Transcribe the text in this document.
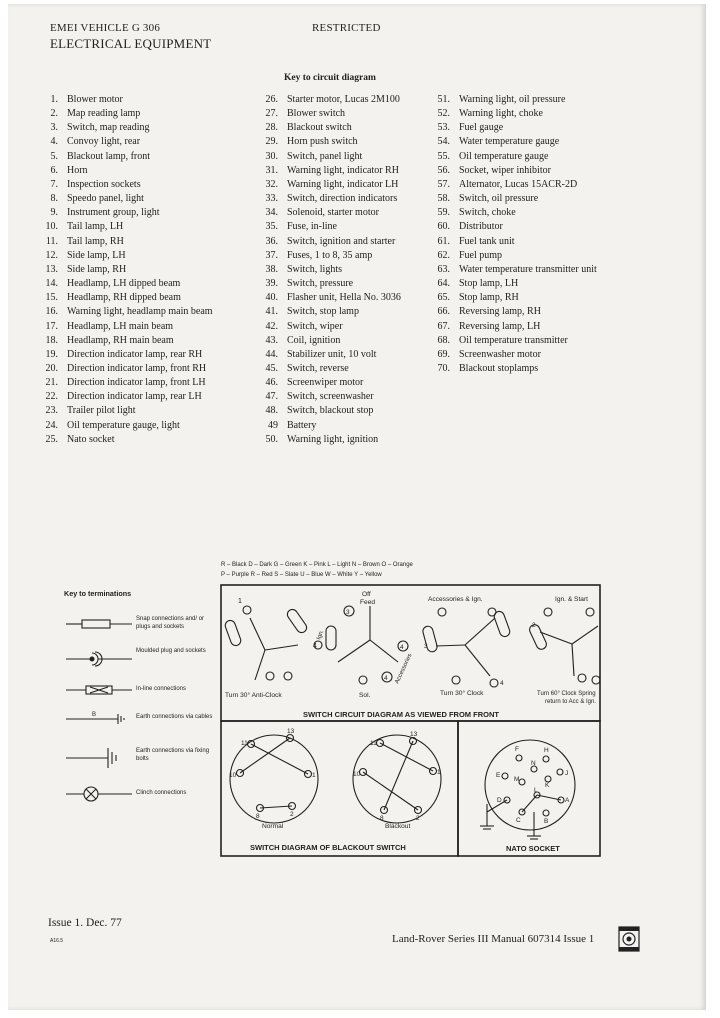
EMEI VEHICLE G 306	RESTRICTED
ELECTRICAL EQUIPMENT
Key to circuit diagram
1. Blower motor
2. Map reading lamp
3. Switch, map reading
4. Convoy light, rear
5. Blackout lamp, front
6. Horn
7. Inspection sockets
8. Speedo panel, light
9. Instrument group, light
10. Tail lamp, LH
11. Tail lamp, RH
12. Side lamp, LH
13. Side lamp, RH
14. Headlamp, LH dipped beam
15. Headlamp, RH dipped beam
16. Warning light, headlamp main beam
17. Headlamp, LH main beam
18. Headlamp, RH main beam
19. Direction indicator lamp, rear RH
20. Direction indicator lamp, front RH
21. Direction indicator lamp, front LH
22. Direction indicator lamp, rear LH
23. Trailer pilot light
24. Oil temperature gauge, light
25. Nato socket
26. Starter motor, Lucas 2M100
27. Blower switch
28. Blackout switch
29. Horn push switch
30. Switch, panel light
31. Warning light, indicator RH
32. Warning light, indicator LH
33. Switch, direction indicators
34. Solenoid, starter motor
35. Fuse, in-line
36. Switch, ignition and starter
37. Fuses, 1 to 8, 35 amp
38. Switch, lights
39. Switch, pressure
40. Flasher unit, Hella No. 3036
41. Switch, stop lamp
42. Switch, wiper
43. Coil, ignition
44. Stabilizer unit, 10 volt
45. Switch, reverse
46. Screenwiper motor
47. Switch, screenwasher
48. Switch, blackout stop
49 Battery
50. Warning light, ignition
51. Warning light, oil pressure
52. Warning light, choke
53. Fuel gauge
54. Water temperature gauge
55. Oil temperature gauge
56. Socket, wiper inhibitor
57. Alternator, Lucas 15ACR-2D
58. Switch, oil pressure
59. Switch, choke
60. Distributor
61. Fuel tank unit
62. Fuel pump
63. Water temperature transmitter unit
64. Stop lamp, LH
65. Stop lamp, RH
66. Reversing lamp, RH
67. Reversing lamp, LH
68. Oil temperature transmitter
69. Screenwasher motor
70. Blackout stoplamps
R – Black D – Dark G – Green K – Pink L – Light N – Brown O – Orange
P – Purple R – Red S – Slate U – Blue W – White Y – Yellow
Key to terminations
Snap connections and/ or plugs and sockets
Moulded plug and sockets
In-line connections
Earth connections via cables
Earth connections via fixing bolts
Clinch connections
1
4
Turn 30° Anti-Clock
Off
Feed
Ign.
Accessories
3
4
4
Sol.
Accessories & Ign.
3
4
Turn 30° Clock
Ign. & Start
2
Turn 60° Clock Spring
return to Acc & Ign.
SWITCH CIRCUIT DIAGRAM AS VIEWED FROM FRONT
11
13
10	1
8	2
Normal
11
13
10	1
8	2
Blackout
SWITCH DIAGRAM OF BLACKOUT SWITCH
F	H
N
E
M
K
J
D
L
A
C	B
NATO SOCKET
B
Issue 1. Dec. 77
A16.5	Land-Rover Series III Manual 607314 Issue 1
